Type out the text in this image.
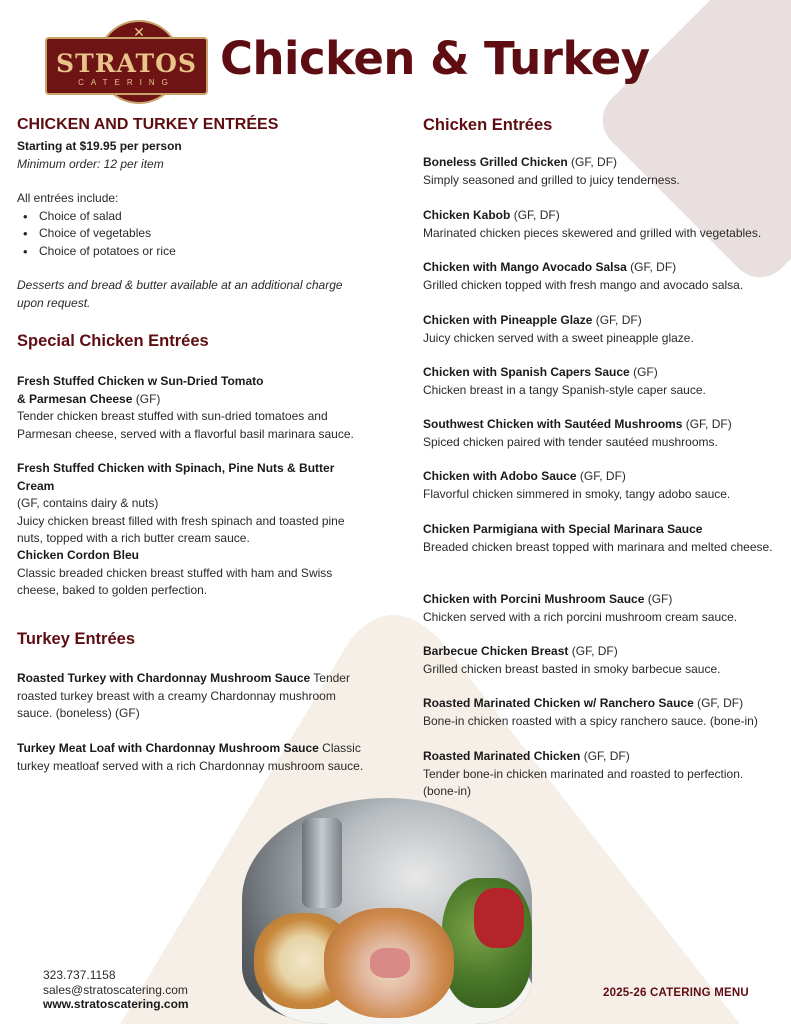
✕
STRATOS
CATERING	Chicken & Turkey
CHICKEN AND TURKEY ENTRÉES
Starting at $19.95 per person
Minimum order: 12 per item
All entrées include:
• Choice of salad
• Choice of vegetables
• Choice of potatoes or rice
Desserts and bread & butter available at an additional charge upon request.
Special Chicken Entrées
Fresh Stuffed Chicken w Sun-Dried Tomato
& Parmesan Cheese (GF)
Tender chicken breast stuffed with sun-dried tomatoes and Parmesan cheese, served with a flavorful basil marinara sauce.
Fresh Stuffed Chicken with Spinach, Pine Nuts & Butter Cream
(GF, contains dairy & nuts)
Juicy chicken breast filled with fresh spinach and toasted pine nuts, topped with a rich butter cream sauce.
Chicken Cordon Bleu
Classic breaded chicken breast stuffed with ham and Swiss cheese, baked to golden perfection.
Turkey Entrées
Roasted Turkey with Chardonnay Mushroom Sauce Tender roasted turkey breast with a creamy Chardonnay mushroom sauce. (boneless) (GF)
Turkey Meat Loaf with Chardonnay Mushroom Sauce Classic turkey meatloaf served with a rich Chardonnay mushroom sauce.
Chicken Entrées
Boneless Grilled Chicken (GF, DF)
Simply seasoned and grilled to juicy tenderness.
Chicken Kabob (GF, DF)
Marinated chicken pieces skewered and grilled with vegetables.
Chicken with Mango Avocado Salsa (GF, DF)
Grilled chicken topped with fresh mango and avocado salsa.
Chicken with Pineapple Glaze (GF, DF)
Juicy chicken served with a sweet pineapple glaze.
Chicken with Spanish Capers Sauce (GF)
Chicken breast in a tangy Spanish-style caper sauce.
Southwest Chicken with Sautéed Mushrooms (GF, DF)
Spiced chicken paired with tender sautéed mushrooms.
Chicken with Adobo Sauce (GF, DF)
Flavorful chicken simmered in smoky, tangy adobo sauce.
Chicken Parmigiana with Special Marinara Sauce
Breaded chicken breast topped with marinara and melted cheese.
Chicken with Porcini Mushroom Sauce (GF)
Chicken served with a rich porcini mushroom cream sauce.
Barbecue Chicken Breast (GF, DF)
Grilled chicken breast basted in smoky barbecue sauce.
Roasted Marinated Chicken w/ Ranchero Sauce (GF, DF)
Bone-in chicken roasted with a spicy ranchero sauce. (bone-in)
Roasted Marinated Chicken (GF, DF)
Tender bone-in chicken marinated and roasted to perfection. (bone-in)
323.737.1158
sales@stratoscatering.com
www.stratoscatering.com
2025-26 CATERING MENU
